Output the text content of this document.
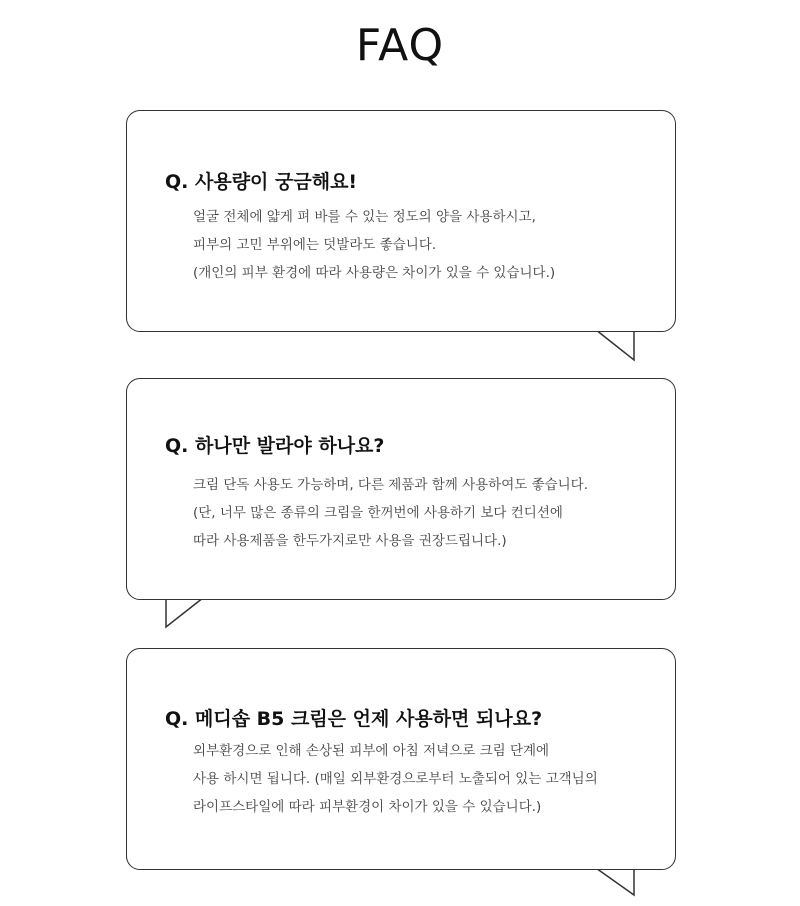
FAQ
Q. 사용량이 궁금해요!
얼굴 전체에 얇게 펴 바를 수 있는 정도의 양을 사용하시고,
피부의 고민 부위에는 덧발라도 좋습니다.
(개인의 피부 환경에 따라 사용량은 차이가 있을 수 있습니다.)
Q. 하나만 발라야 하나요?
크림 단독 사용도 가능하며, 다른 제품과 함께 사용하여도 좋습니다.
(단, 너무 많은 종류의 크림을 한꺼번에 사용하기 보다 컨디션에
따라 사용제품을 한두가지로만 사용을 권장드립니다.)
Q. 메디솝 B5 크림은 언제 사용하면 되나요?
외부환경으로 인해 손상된 피부에 아침 저녁으로 크림 단계에
사용 하시면 됩니다. (매일 외부환경으로부터 노출되어 있는 고객님의
라이프스타일에 따라 피부환경이 차이가 있을 수 있습니다.)
